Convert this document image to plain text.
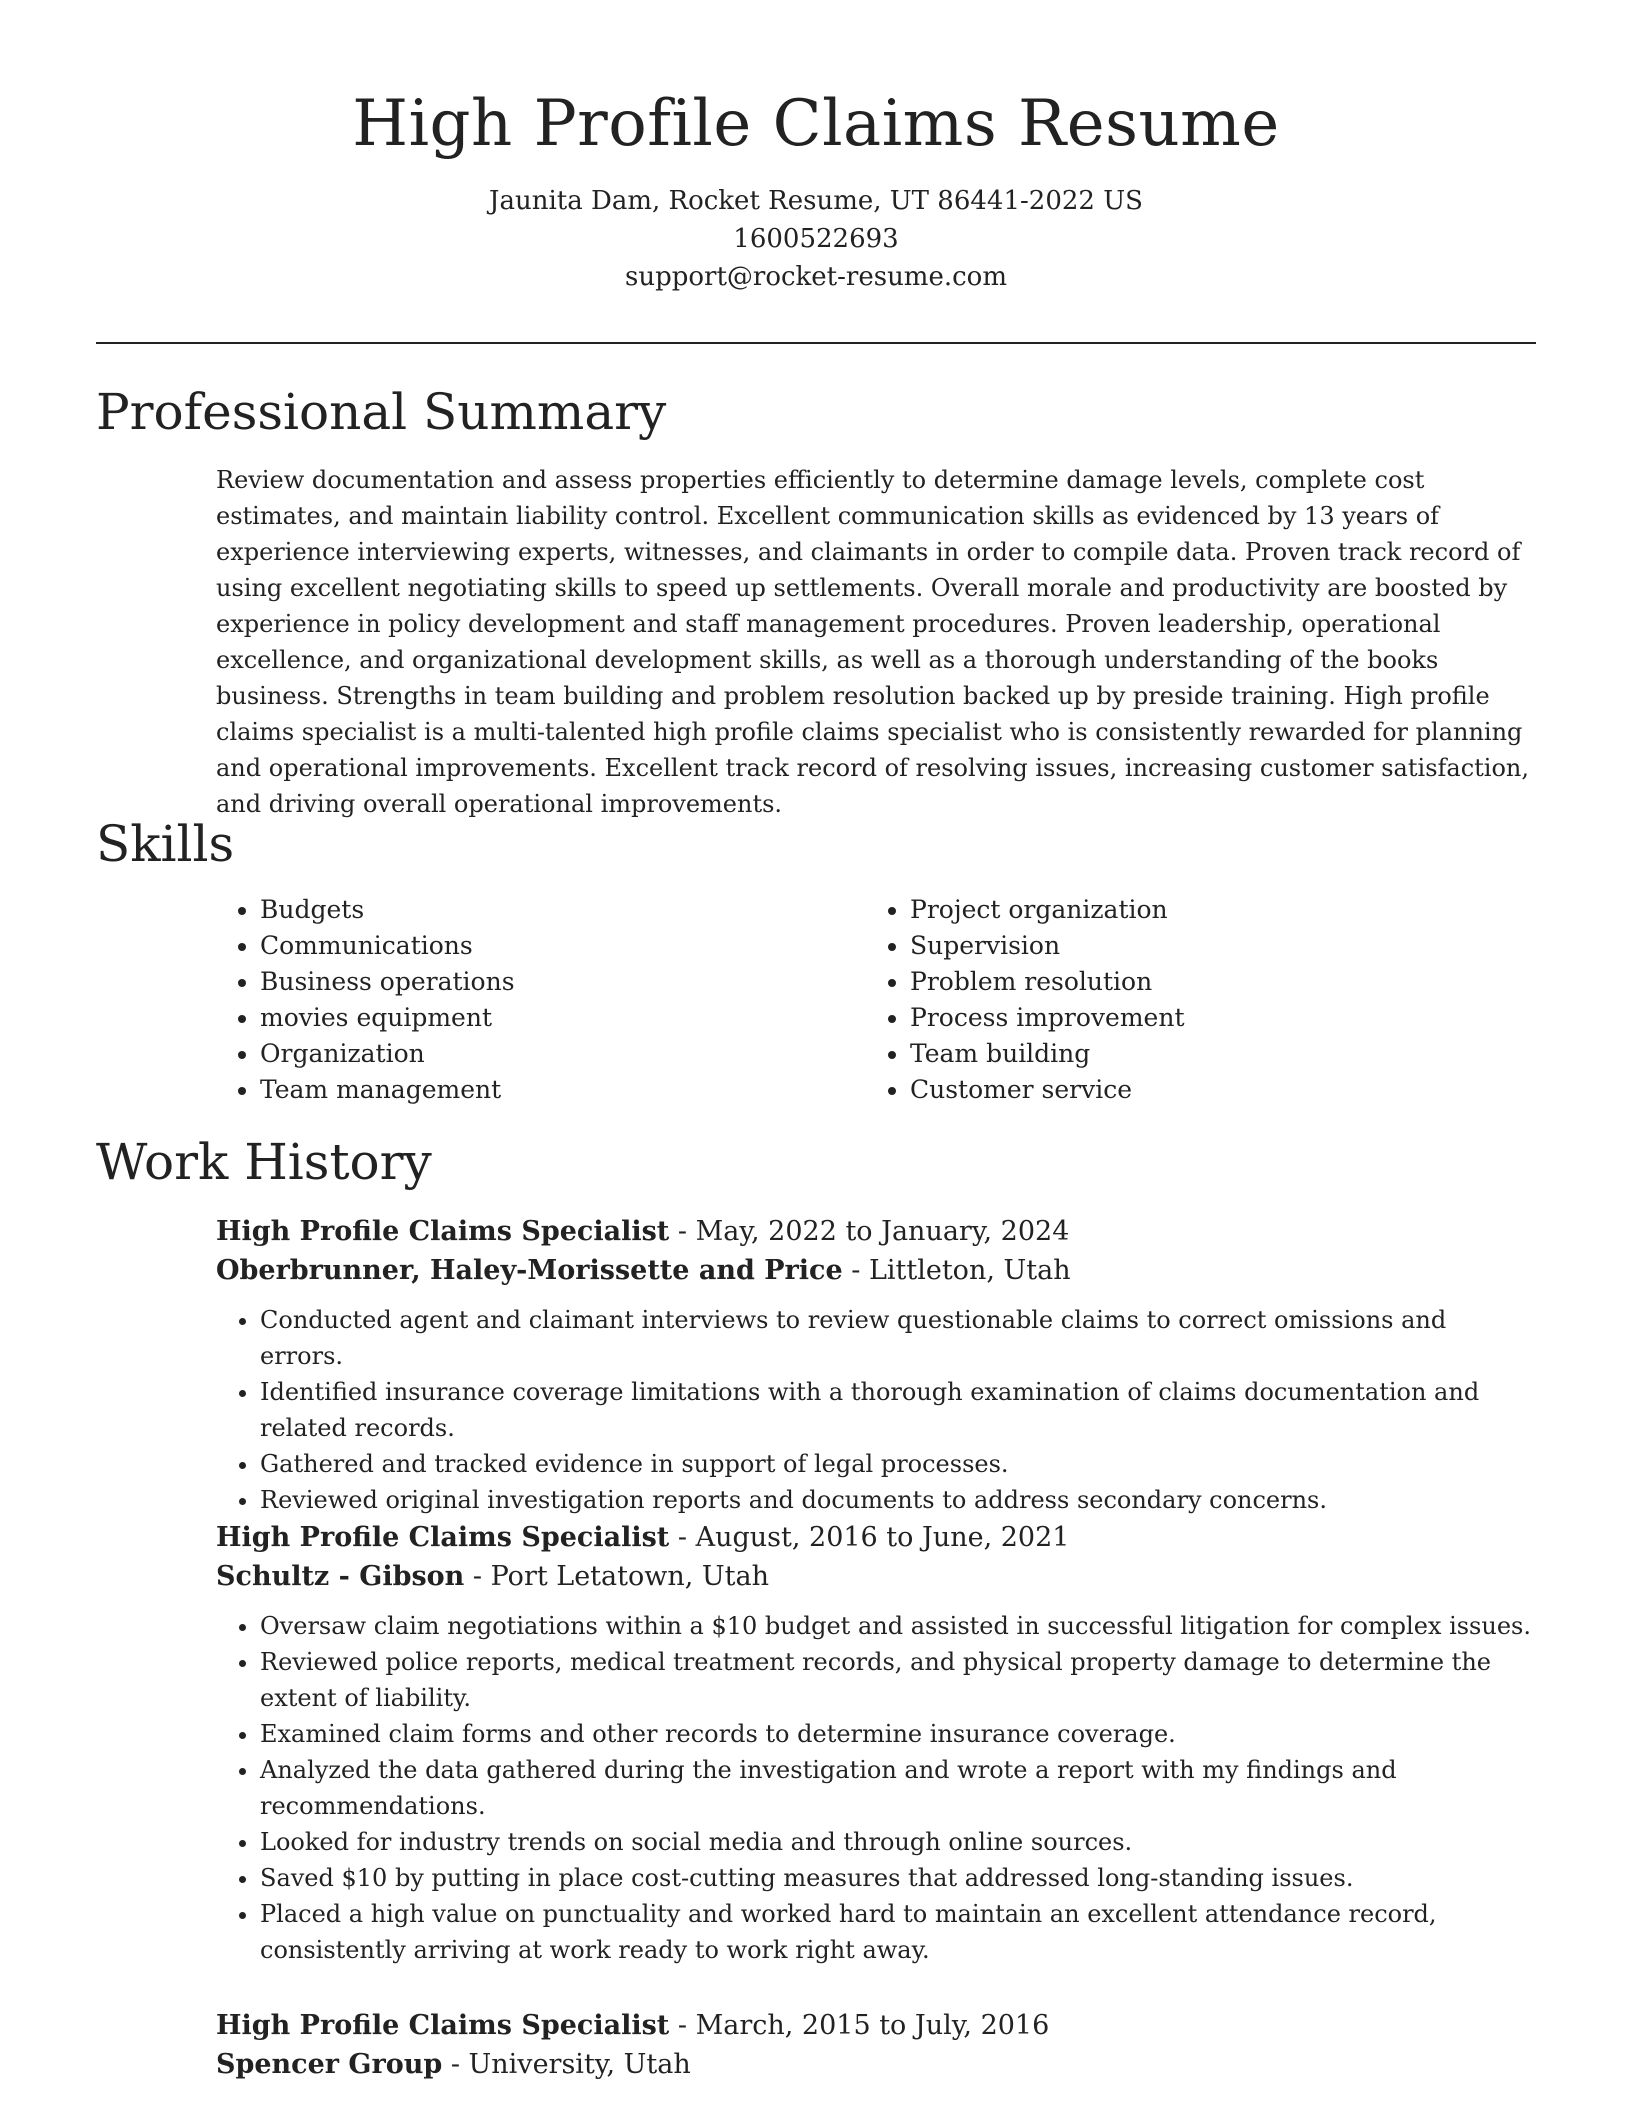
High Profile Claims Resume

Jaunita Dam, Rocket Resume, UT 86441-2022 US

1600522693

support@rocket-resume.com

Professional Summary

Review documentation and assess properties efficiently to determine damage levels, complete cost estimates, and maintain liability control. Excellent communication skills as evidenced by 13 years of experience interviewing experts, witnesses, and claimants in order to compile data. Proven track record of using excellent negotiating skills to speed up settlements. Overall morale and productivity are boosted by experience in policy development and staff management procedures. Proven leadership, operational excellence, and organizational development skills, as well as a thorough understanding of the books business. Strengths in team building and problem resolution backed up by preside training. High profile claims specialist is a multi-talented high profile claims specialist who is consistently rewarded for planning and operational improvements. Excellent track record of resolving issues, increasing customer satisfaction, and driving overall operational improvements.

Skills
• Budgets
• Communications
• Business operations
• movies equipment
• Organization
• Team management
• Project organization
• Supervision
• Problem resolution
• Process improvement
• Team building
• Customer service
Work History

High Profile Claims Specialist - May, 2022 to January, 2024

Oberbrunner, Haley-Morissette and Price - Littleton, Utah

• Conducted agent and claimant interviews to review questionable claims to correct omissions and errors.
• Identified insurance coverage limitations with a thorough examination of claims documentation and related records.
• Gathered and tracked evidence in support of legal processes.
• Reviewed original investigation reports and documents to address secondary concerns.

High Profile Claims Specialist - August, 2016 to June, 2021

Schultz - Gibson - Port Letatown, Utah

• Oversaw claim negotiations within a $10 budget and assisted in successful litigation for complex issues.
• Reviewed police reports, medical treatment records, and physical property damage to determine the extent of liability.
• Examined claim forms and other records to determine insurance coverage.
• Analyzed the data gathered during the investigation and wrote a report with my findings and recommendations.
• Looked for industry trends on social media and through online sources.
• Saved $10 by putting in place cost-cutting measures that addressed long-standing issues.
• Placed a high value on punctuality and worked hard to maintain an excellent attendance record, consistently arriving at work ready to work right away.

High Profile Claims Specialist - March, 2015 to July, 2016

Spencer Group - University, Utah
